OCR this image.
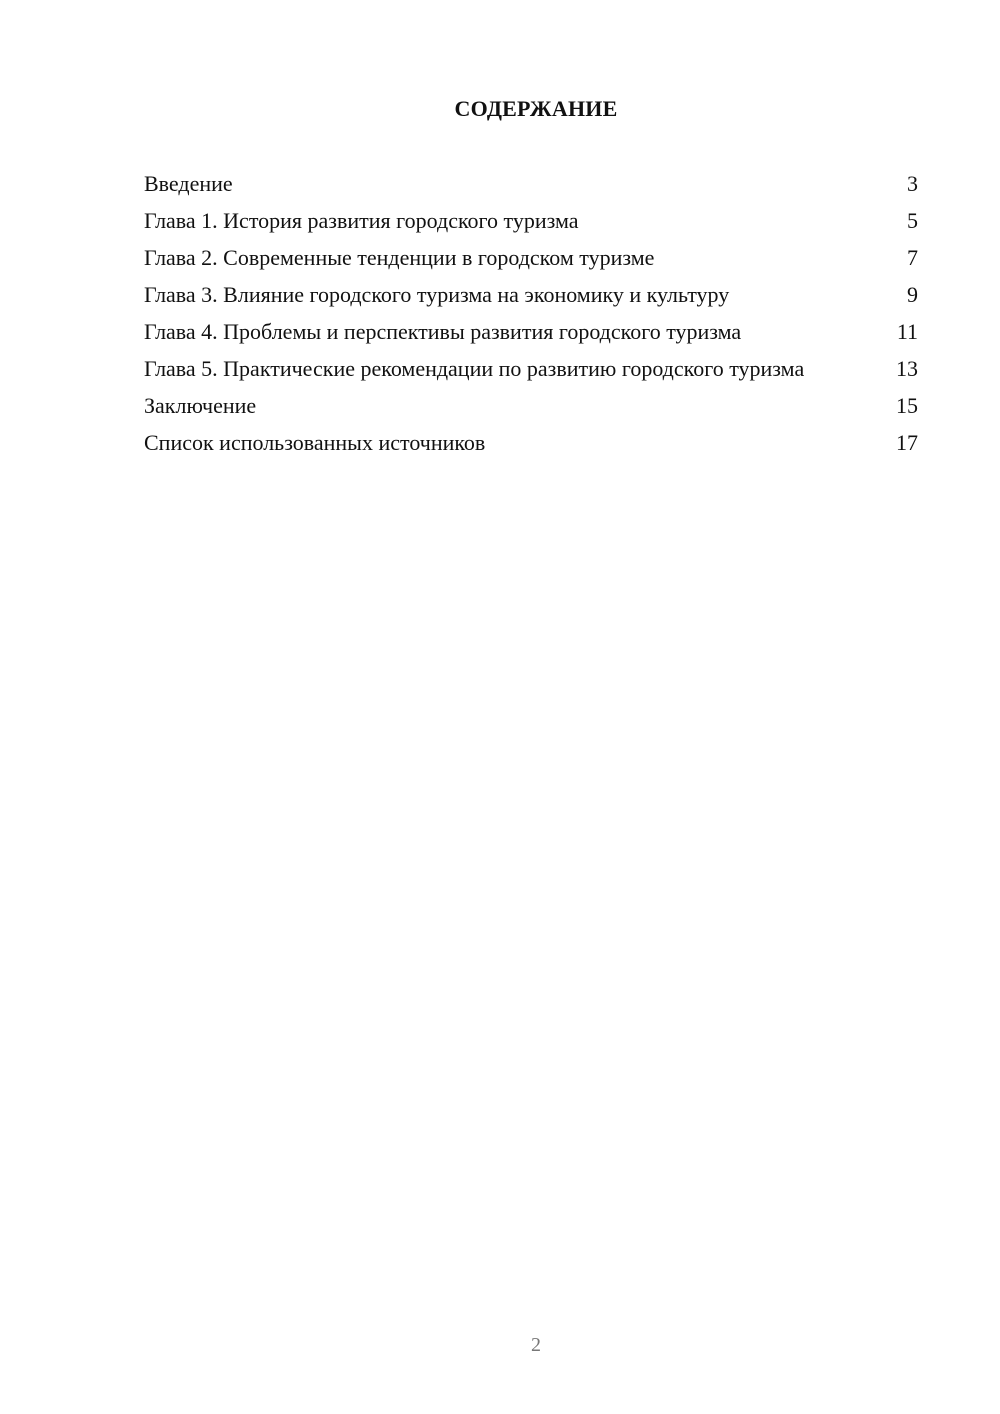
СОДЕРЖАНИЕ
Введение	3
Глава 1. История развития городского туризма	5
Глава 2. Современные тенденции в городском туризме	7
Глава 3. Влияние городского туризма на экономику и культуру	9
Глава 4. Проблемы и перспективы развития городского туризма	11
Глава 5. Практические рекомендации по развитию городского туризма	13
Заключение	15
Список использованных источников	17
2
